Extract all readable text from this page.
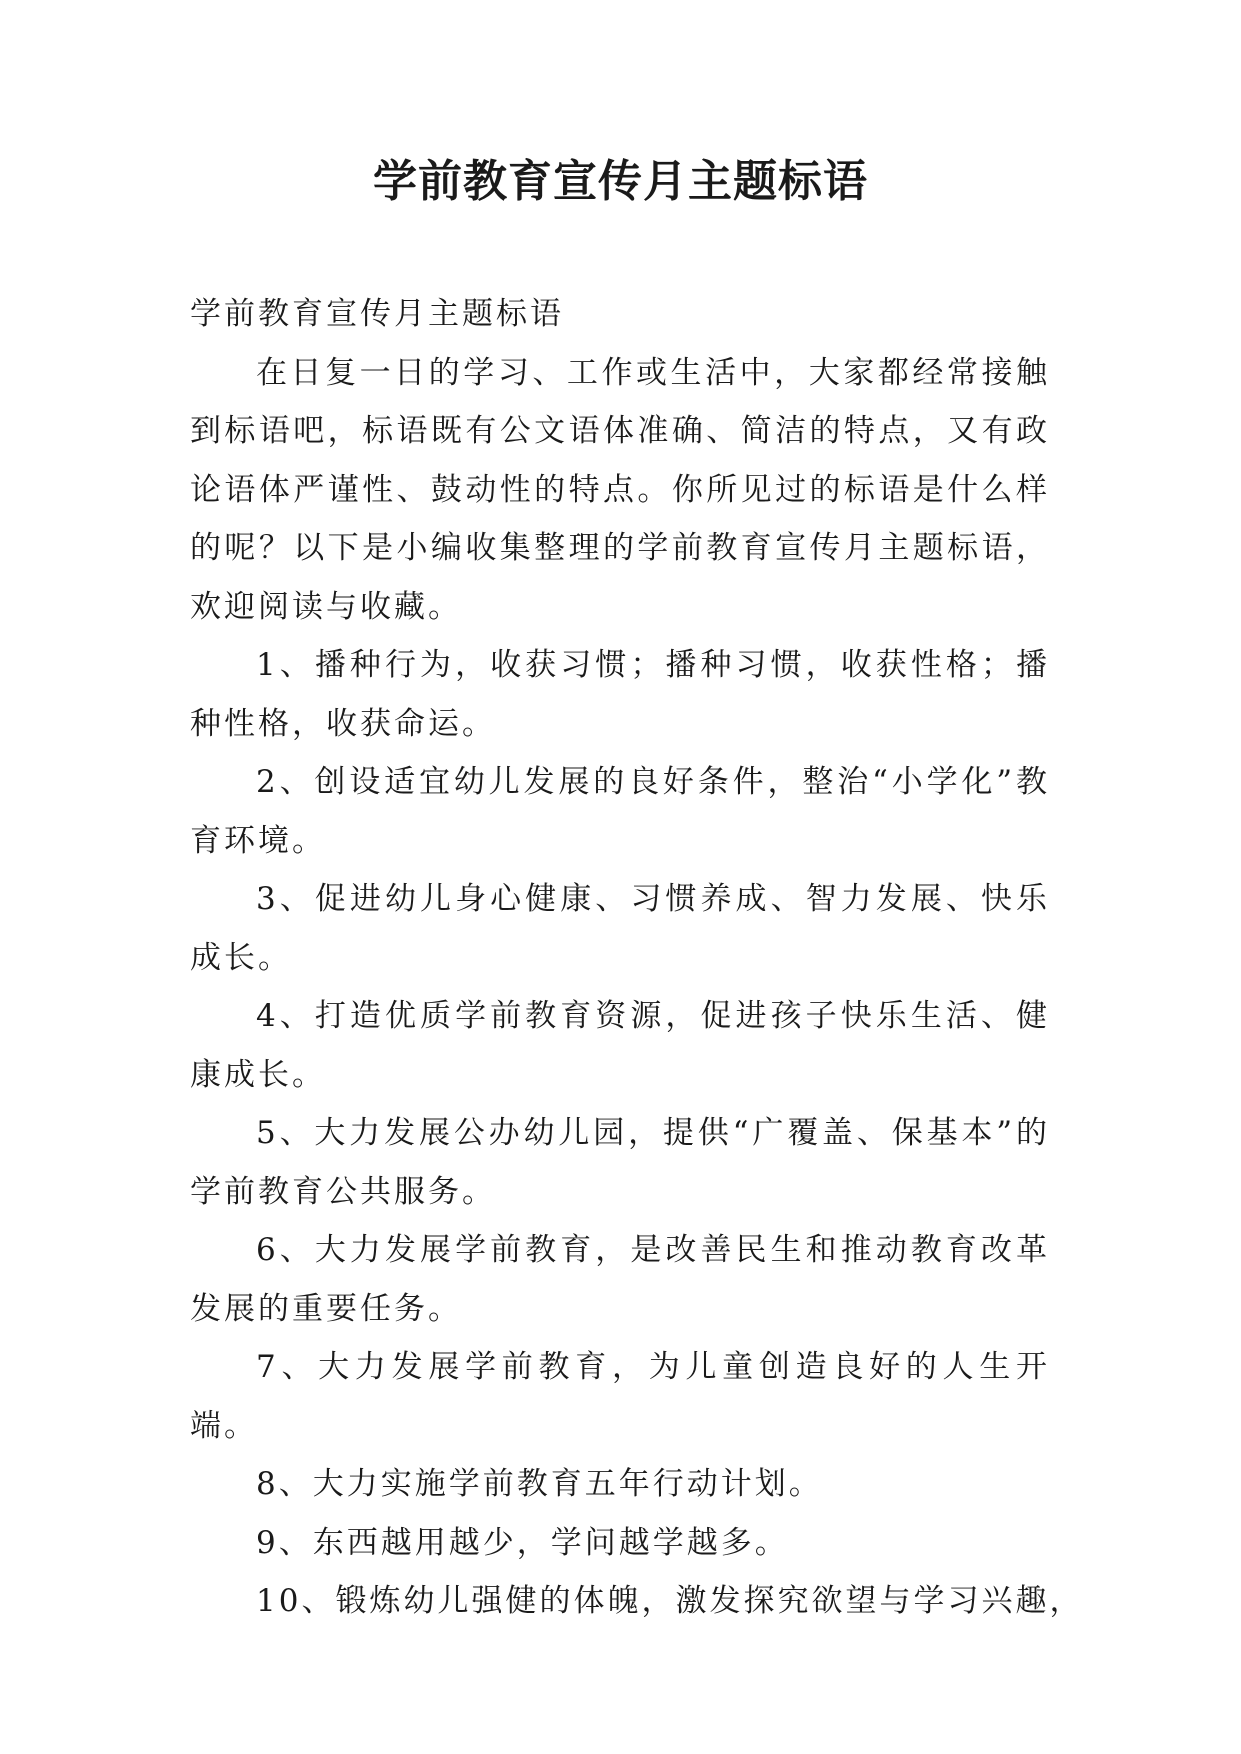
学前教育宣传月主题标语

学前教育宣传月主题标语

在日复一日的学习、工作或生活中，大家都经常接触到标语吧，标语既有公文语体准确、简洁的特点，又有政论语体严谨性、鼓动性的特点。你所见过的标语是什么样的呢？以下是小编收集整理的学前教育宣传月主题标语，欢迎阅读与收藏。

1、播种行为，收获习惯；播种习惯，收获性格；播种性格，收获命运。

2、创设适宜幼儿发展的良好条件，整治“小学化”教育环境。

3、促进幼儿身心健康、习惯养成、智力发展、快乐成长。

4、打造优质学前教育资源，促进孩子快乐生活、健康成长。

5、大力发展公办幼儿园，提供“广覆盖、保基本”的学前教育公共服务。

6、大力发展学前教育，是改善民生和推动教育改革发展的重要任务。

7、大力发展学前教育，为儿童创造良好的人生开端。

8、大力实施学前教育五年行动计划。

9、东西越用越少，学问越学越多。

10、锻炼幼儿强健的体魄，激发探究欲望与学习兴趣，
